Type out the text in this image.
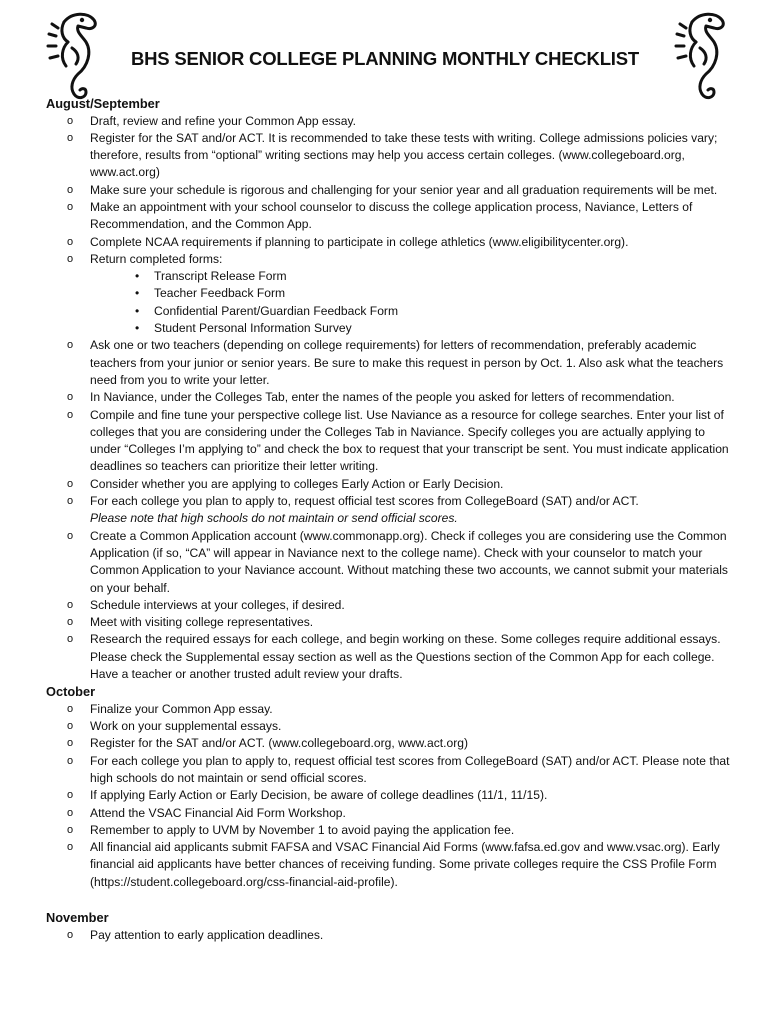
BHS SENIOR COLLEGE PLANNING MONTHLY CHECKLIST

August/September

o	Draft, review and refine your Common App essay.
o	Register for the SAT and/or ACT. It is recommended to take these tests with writing. College admissions policies vary; therefore, results from “optional” writing sections may help you access certain colleges. (www.collegeboard.org, www.act.org)
o	Make sure your schedule is rigorous and challenging for your senior year and all graduation requirements will be met.
o	Make an appointment with your school counselor to discuss the college application process, Naviance, Letters of Recommendation, and the Common App.
o	Complete NCAA requirements if planning to participate in college athletics (www.eligibilitycenter.org).
o	Return completed forms:
• Transcript Release Form
• Teacher Feedback Form
• Confidential Parent/Guardian Feedback Form
• Student Personal Information Survey
o	Ask one or two teachers (depending on college requirements) for letters of recommendation, preferably academic teachers from your junior or senior years. Be sure to make this request in person by Oct. 1. Also ask what the teachers need from you to write your letter.
o	In Naviance, under the Colleges Tab, enter the names of the people you asked for letters of recommendation.
o	Compile and fine tune your perspective college list. Use Naviance as a resource for college searches. Enter your list of colleges that you are considering under the Colleges Tab in Naviance. Specify colleges you are actually applying to under “Colleges I’m applying to” and check the box to request that your transcript be sent. You must indicate application deadlines so teachers can prioritize their letter writing.
o	Consider whether you are applying to colleges Early Action or Early Decision.
o	For each college you plan to apply to, request official test scores from CollegeBoard (SAT) and/or ACT.
Please note that high schools do not maintain or send official scores.
o	Create a Common Application account (www.commonapp.org). Check if colleges you are considering use the Common Application (if so, “CA” will appear in Naviance next to the college name). Check with your counselor to match your Common Application to your Naviance account. Without matching these two accounts, we cannot submit your materials on your behalf.
o	Schedule interviews at your colleges, if desired.
o	Meet with visiting college representatives.
o	Research the required essays for each college, and begin working on these. Some colleges require additional essays. Please check the Supplemental essay section as well as the Questions section of the Common App for each college. Have a teacher or another trusted adult review your drafts.

October

o	Finalize your Common App essay.
o	Work on your supplemental essays.
o	Register for the SAT and/or ACT. (www.collegeboard.org, www.act.org)
o	For each college you plan to apply to, request official test scores from CollegeBoard (SAT) and/or ACT. Please note that high schools do not maintain or send official scores.
o	If applying Early Action or Early Decision, be aware of college deadlines (11/1, 11/15).
o	Attend the VSAC Financial Aid Form Workshop.
o	Remember to apply to UVM by November 1 to avoid paying the application fee.
o	All financial aid applicants submit FAFSA and VSAC Financial Aid Forms (www.fafsa.ed.gov and www.vsac.org). Early financial aid applicants have better chances of receiving funding. Some private colleges require the CSS Profile Form (https://student.collegeboard.org/css-financial-aid-profile).

November

o	Pay attention to early application deadlines.
